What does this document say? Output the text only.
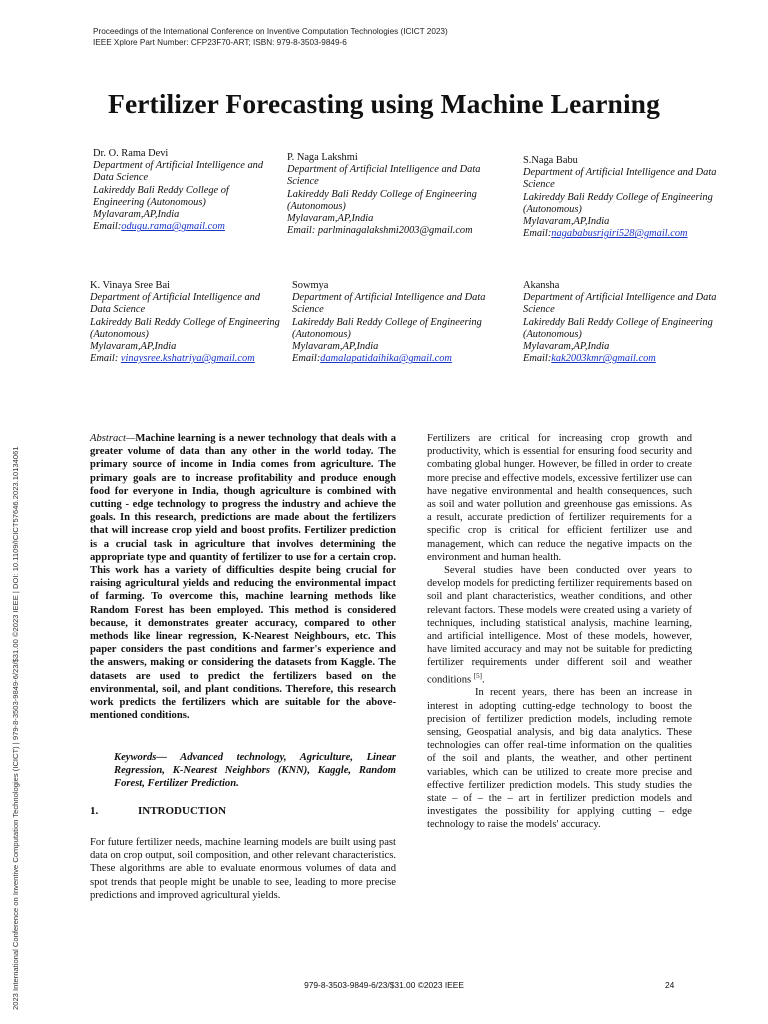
Proceedings of the International Conference on Inventive Computation Technologies (ICICT 2023)
IEEE Xplore Part Number: CFP23F70-ART; ISBN: 979-8-3503-9849-6
Fertilizer Forecasting using Machine Learning
Dr. O. Rama Devi
Department of Artificial Intelligence and Data Science
Lakireddy Bali Reddy College of Engineering (Autonomous)
Mylavaram,AP,India
Email:odugu.rama@gmail.com
P. Naga Lakshmi
Department of Artificial Intelligence and Data Science
Lakireddy Bali Reddy College of Engineering (Autonomous)
Mylavaram,AP,India
Email: parlminagalakshmi2003@gmail.com
S.Naga Babu
Department of Artificial Intelligence and Data Science
Lakireddy Bali Reddy College of Engineering (Autonomous)
Mylavaram,AP,India
Email:nagababusrigiri528@gmail.com
K. Vinaya Sree Bai
Department of Artificial Intelligence and Data Science
Lakireddy Bali Reddy College of Engineering (Autonomous)
Mylavaram,AP,India
Email: vinaysree.kshatriya@gmail.com
Sowmya
Department of Artificial Intelligence and Data Science
Lakireddy Bali Reddy College of Engineering (Autonomous)
Mylavaram,AP,India
Email:damalapatidaihika@gmail.com
Akansha
Department of Artificial Intelligence and Data Science
Lakireddy Bali Reddy College of Engineering (Autonomous)
Mylavaram,AP,India
Email:kak2003kmr@gmail.com
Abstract—Machine learning is a newer technology that deals with a greater volume of data than any other in the world today. The primary source of income in India comes from agriculture. The primary goals are to increase profitability and produce enough food for everyone in India, though agriculture is combined with cutting - edge technology to progress the industry and achieve the goals. In this research, predictions are made about the fertilizers that will increase crop yield and boost profits. Fertilizer prediction is a crucial task in agriculture that involves determining the appropriate type and quantity of fertilizer to use for a certain crop. This work has a variety of difficulties despite being crucial for raising agricultural yields and reducing the environmental impact of farming. To overcome this, machine learning methods like Random Forest has been employed. This method is considered because, it demonstrates greater accuracy, compared to other methods like linear regression, K-Nearest Neighbours, etc. This paper considers the past conditions and farmer's experience and the answers, making or considering the datasets from Kaggle. The datasets are used to predict the fertilizers based on the environmental, soil, and plant conditions. Therefore, this research work predicts the fertilizers which are suitable for the above-mentioned conditions.
Keywords— Advanced technology, Agriculture, Linear Regression, K-Nearest Neighbors (KNN), Kaggle, Random Forest, Fertilizer Prediction.
1.	INTRODUCTION
For future fertilizer needs, machine learning models are built using past data on crop output, soil composition, and other relevant characteristics. These algorithms are able to evaluate enormous volumes of data and spot trends that people might be unable to see, leading to more precise predictions and improved agricultural yields.

Fertilizers are critical for increasing crop growth and productivity, which is essential for ensuring food security and combating global hunger. However, be filled in order to create more precise and effective models, excessive fertilizer use can have negative environmental and health consequences, such as soil and water pollution and greenhouse gas emissions. As a result, accurate prediction of fertilizer requirements for a specific crop is critical for efficient fertilizer use and management, which can reduce the negative impacts on the environment and human health.

Several studies have been conducted over years to develop models for predicting fertilizer requirements based on soil and plant characteristics, weather conditions, and other relevant factors. These models were created using a variety of techniques, including statistical analysis, machine learning, and artificial intelligence. Most of these models, however, have limited accuracy and may not be suitable for predicting fertilizer requirements under different soil and weather conditions [5].

In recent years, there has been an increase in interest in adopting cutting-edge technology to boost the precision of fertilizer prediction models, including remote sensing, Geospatial analysis, and big data analytics. These technologies can offer real-time information on the qualities of the soil and plants, the weather, and other pertinent variables, which can be utilized to create more precise and effective fertilizer prediction models. This study studies the state – of – the – art in fertilizer prediction models and investigates the possibility for applying cutting – edge technology to raise the models' accuracy.

2023 International Conference on Inventive Computation Technologies (ICICT) | 979-8-3503-9849-6/23/$31.00 ©2023 IEEE | DOI: 10.1109/ICICT57646.2023.10134061	979-8-3503-9849-6/23/$31.00 ©2023 IEEE	24
